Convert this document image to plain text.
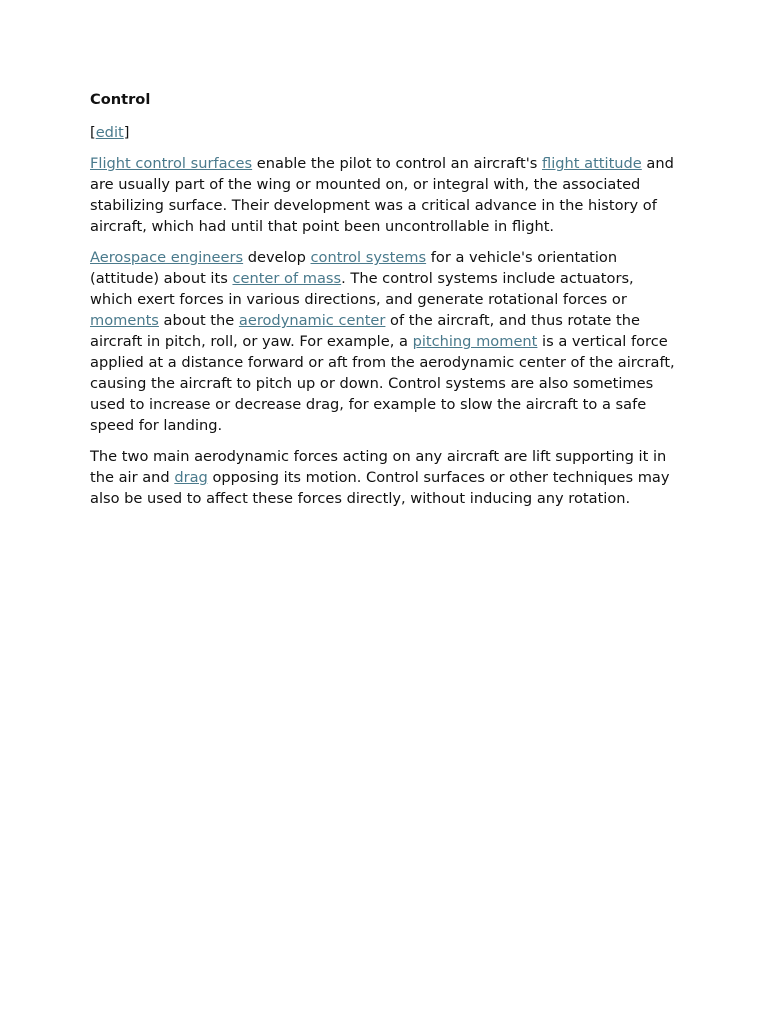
Control
[edit]

Flight control surfaces enable the pilot to control an aircraft's flight attitude and are usually part of the wing or mounted on, or integral with, the associated stabilizing surface. Their development was a critical advance in the history of aircraft, which had until that point been uncontrollable in flight.

Aerospace engineers develop control systems for a vehicle's orientation (attitude) about its center of mass. The control systems include actuators, which exert forces in various directions, and generate rotational forces or moments about the aerodynamic center of the aircraft, and thus rotate the aircraft in pitch, roll, or yaw. For example, a pitching moment is a vertical force applied at a distance forward or aft from the aerodynamic center of the aircraft, causing the aircraft to pitch up or down. Control systems are also sometimes used to increase or decrease drag, for example to slow the aircraft to a safe speed for landing.

The two main aerodynamic forces acting on any aircraft are lift supporting it in the air and drag opposing its motion. Control surfaces or other techniques may also be used to affect these forces directly, without inducing any rotation.
